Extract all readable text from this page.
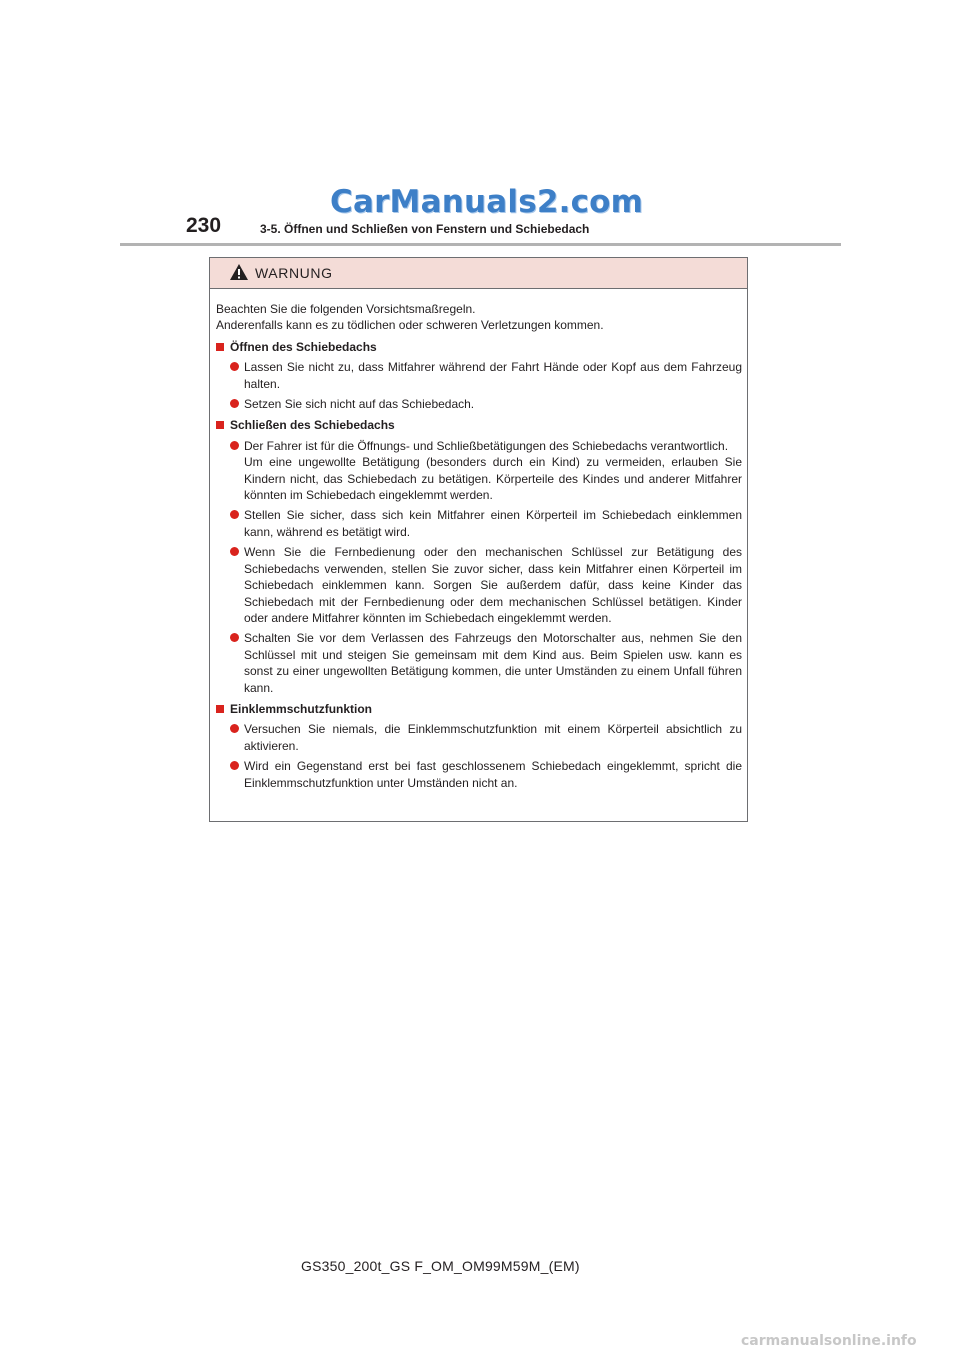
CarManuals2.com
230	3-5. Öffnen und Schließen von Fenstern und Schiebedach
WARNUNG
Beachten Sie die folgenden Vorsichtsmaßregeln.
Anderenfalls kann es zu tödlichen oder schweren Verletzungen kommen.
Öffnen des Schiebedachs
Lassen Sie nicht zu, dass Mitfahrer während der Fahrt Hände oder Kopf aus dem Fahrzeug halten.
Setzen Sie sich nicht auf das Schiebedach.
Schließen des Schiebedachs
Der Fahrer ist für die Öffnungs- und Schließbetätigungen des Schiebedachs verantwortlich.
Um eine ungewollte Betätigung (besonders durch ein Kind) zu vermeiden, erlauben Sie Kindern nicht, das Schiebedach zu betätigen. Körperteile des Kindes und anderer Mitfahrer könnten im Schiebedach eingeklemmt werden.
Stellen Sie sicher, dass sich kein Mitfahrer einen Körperteil im Schiebedach einklemmen kann, während es betätigt wird.
Wenn Sie die Fernbedienung oder den mechanischen Schlüssel zur Betätigung des Schiebedachs verwenden, stellen Sie zuvor sicher, dass kein Mitfahrer einen Körperteil im Schiebedach einklemmen kann. Sorgen Sie außerdem dafür, dass keine Kinder das Schiebedach mit der Fernbedienung oder dem mechanischen Schlüssel betätigen. Kinder oder andere Mitfahrer könnten im Schiebedach eingeklemmt werden.
Schalten Sie vor dem Verlassen des Fahrzeugs den Motorschalter aus, nehmen Sie den Schlüssel mit und steigen Sie gemeinsam mit dem Kind aus. Beim Spielen usw. kann es sonst zu einer ungewollten Betätigung kommen, die unter Umständen zu einem Unfall führen kann.
Einklemmschutzfunktion
Versuchen Sie niemals, die Einklemmschutzfunktion mit einem Körperteil absichtlich zu aktivieren.
Wird ein Gegenstand erst bei fast geschlossenem Schiebedach eingeklemmt, spricht die Einklemmschutzfunktion unter Umständen nicht an.
GS350_200t_GS F_OM_OM99M59M_(EM)
carmanualsonline.info
